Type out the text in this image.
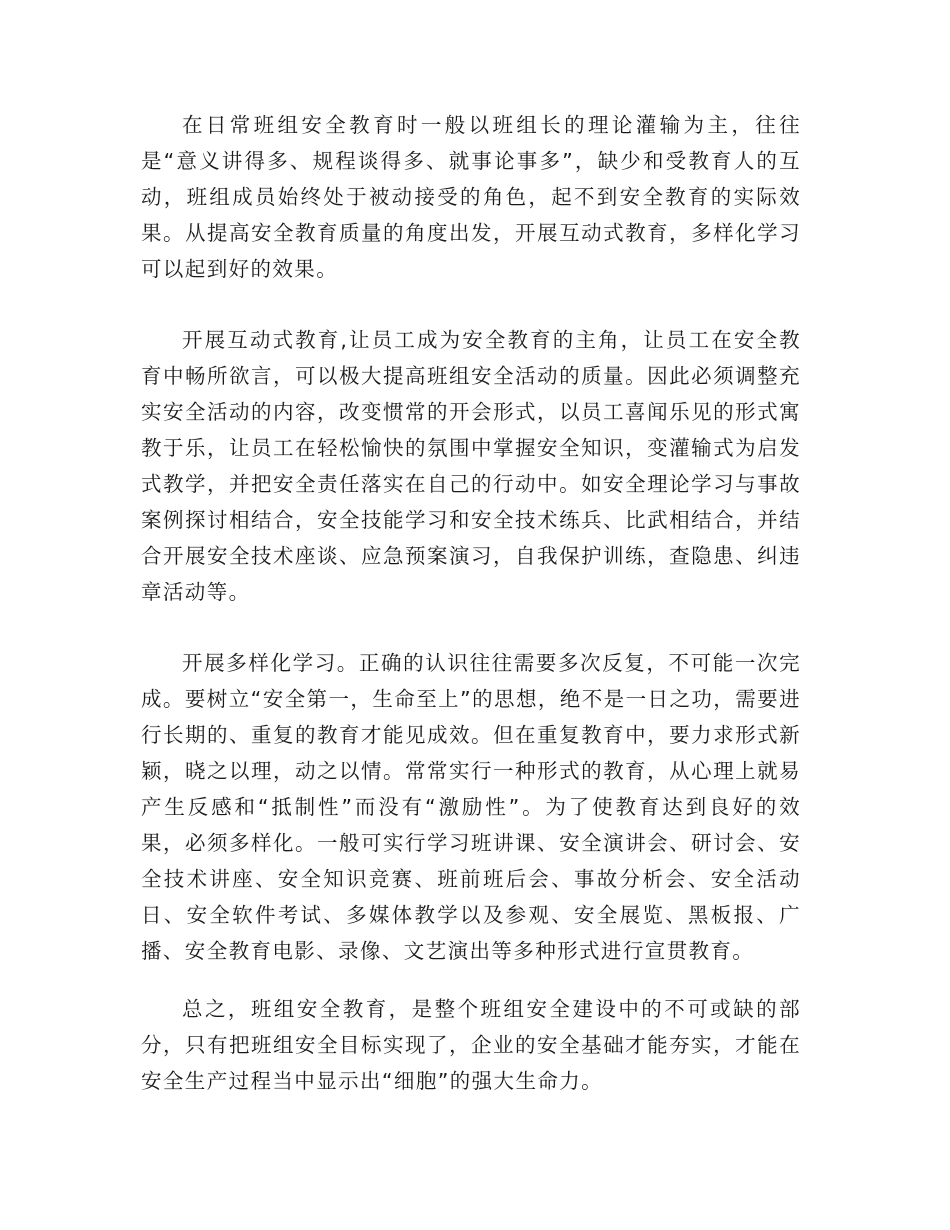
在日常班组安全教育时一般以班组长的理论灌输为主，往往是“意义讲得多、规程谈得多、就事论事多”，缺少和受教育人的互动，班组成员始终处于被动接受的角色，起不到安全教育的实际效果。从提高安全教育质量的角度出发，开展互动式教育，多样化学习可以起到好的效果。

开展互动式教育,让员工成为安全教育的主角，让员工在安全教育中畅所欲言，可以极大提高班组安全活动的质量。因此必须调整充实安全活动的内容，改变惯常的开会形式，以员工喜闻乐见的形式寓教于乐，让员工在轻松愉快的氛围中掌握安全知识，变灌输式为启发式教学，并把安全责任落实在自己的行动中。如安全理论学习与事故案例探讨相结合，安全技能学习和安全技术练兵、比武相结合，并结合开展安全技术座谈、应急预案演习，自我保护训练，查隐患、纠违章活动等。

开展多样化学习。正确的认识往往需要多次反复，不可能一次完成。要树立“安全第一，生命至上”的思想，绝不是一日之功，需要进行长期的、重复的教育才能见成效。但在重复教育中，要力求形式新颖，晓之以理，动之以情。常常实行一种形式的教育，从心理上就易产生反感和“抵制性”而没有“激励性”。为了使教育达到良好的效果，必须多样化。一般可实行学习班讲课、安全演讲会、研讨会、安全技术讲座、安全知识竞赛、班前班后会、事故分析会、安全活动日、安全软件考试、多媒体教学以及参观、安全展览、黑板报、广播、安全教育电影、录像、文艺演出等多种形式进行宣贯教育。

总之，班组安全教育，是整个班组安全建设中的不可或缺的部分，只有把班组安全目标实现了，企业的安全基础才能夯实，才能在安全生产过程当中显示出“细胞”的强大生命力。
